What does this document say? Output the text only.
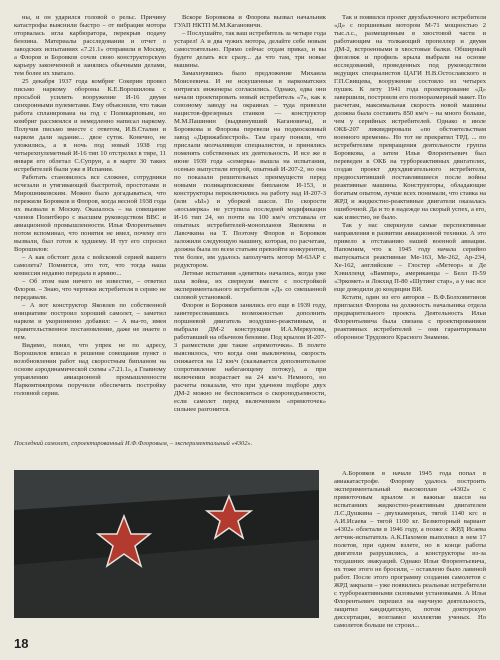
ны, и он ударился головой о рельс. Причину катастрофы выяснили быстро – от вибрации мотора оторвалась игла карбюратора, перекрыв подачу бензина. Материалы расследования и отчет о заводских испытаниях «7.21.1» отправили в Москву, а Флоров и Боровков сочли свою конструкторскую карьеру законченной и занялись обычными делами, тем более их хватало.

25 декабря 1937 года комбриг Сокерин провел письмо наркому обороны К.Е.Ворошилова с просьбой усилить вооружение И-16 двумя синхронными пулеметами. Ему объяснили, что такая работа спланирована на год с Поликарповым, но комбриг рассмеялся и немедленно написал наркому. Получив письмо вместе с ответом, И.В.Сталин и нарком дали задание... двое суток. Конечно, не уложились, а в ночь под новый 1938 год четырехпулеметный И-16 тип 10 отстрелял в тире, 11 января его облетал С.Супрун, а в марте 30 таких истребителей были уже в Испании.

Работать становилось все сложнее, сотрудники исчезали и утягивающей быстротой, простотами и Мирошниковским. Можно было догадываться, что пережили Боровков и Флоров, когда весной 1938 года их вызвали в Москву. Оказалось – на совещание членов Политбюро с высшим руководством ВВС и авиационной промышленности. Илья Флорентьевич потом вспоминал, что понятия не имел, почему его вызвали, был готов к худшему. И тут его спросил Ворошилов:

– А как обстоит дела с войсковой серией вашего самолета? Помнится, это тот, что тогда наша комиссия недавно передала в армию...

– Об этом нам ничего не известно, – ответил Флоров. – Знаю, что чертежи истребителя в серию не передавали.

– А вот конструктор Яковлев по собственной инициативе построил хороший самолет, – заметил нарком и укоризненно добавил: – А вы-то, имея правительственное постановление, даже не знаете о нем.

Видимо, понял, что упрек не по адресу, Ворошилов вписал в решение совещания пункт о возобновлении работ над скоростным бипланом на основе аэродинамической схемы «7.21.1», а Главному управлению авиационной промышленности Наркомтяжпрома поручили обеспечить постройку головной серии.

Вскоре Боровкова и Флорова вызвал начальник ГУАП НКТП М.М.Кагановичи.

– Послушайте, так ваш истребитель за четыре года устарел! А и два чужих мотора, делайте себе новым самостоятельно. Прямо сейчас отдам приказ, и вы будете делать все сразу... да что там, три новые машины.

Замахнувшись было предложение Михаила Моисеевича. И не искушенные в наркоматских интригах инженеры согласились. Однако, едва они начали проектировать новый истребитель «7», как к союзному заводу на окраинах – туда привезли нацистов-фрезерных станков — конструктор М.М.Пашинин (выдвинувший Кагановича), и Боровкова и Флорова перевели на подмосковный завод «Дирижаблестрой». Там сразу поняли, что прислали молчаливцов специалистов, и принялись поменять собственных их деятельность. И все же в июне 1939 года «семерка» вышла на испытания, осенью выпустили второй, опытный И-207-2, но она по показали решительных преимуществ перед новыми поликарповскими бипланом И-153, и конструкторы переключились на работу над И-207-3 (или «Ы») и уборкой шасси. По скорости «восьмерка» не уступила последней модификации И-16 тип 24, но почти на 100 км/ч отставала от опытных истребителей-монопланов Яковлева и Лавочкина на Т. Поэтому Флоров и Боровков заложили следующую машину, которая, по расчетам, должна была по всем статьям превзойти конкурентов, тем более, им удалось заполучить мотор М-63АР с редуктором.

Летные испытания «девятки» начались, когда уже шла война, их свернули вместе с постройкой экспериментального истребителя «Д» со смешанной силовой установкой.

Флоров и Боровков занялись его еще в 1939 году, заинтересовавшись возможностью дополнить поршневой двигатель воздушно-реактивным, и выбрали ДМ-2 конструкции И.А.Меркулова, работавший на обычном бензине. Под крылом И-207-3 разместили две такие «прямоточки». В полете выяснилось, что когда они выключены, скорость снижается на 12 км/ч (сказывается дополнительное сопротивление набегающему потоку), а при включении возрастает на 24 км/ч. Немного, но расчеты показали, что при удачном подборе двух ДМ-2 можно не беспокоиться о скороподъемности, если самолет перед включением «прямоточек» сильнее разгонится.

Так и появился проект двухбалочного истребителя «Д» с поршневым мотором М-71 мощностью 2 тыс.л.с., размещенным в хвостовой части и работающим на толкающий пропеллер и двумя ДМ-2, встроенными в хвостовые балки. Обширный фюзеляж и профиль крыла выбрали на основе исследований, проведенных под руководством ведущих специалистов ЦАГИ Н.В.Остославского и Г.П.Свищева, вооружение состояло из четырех пушек. К лету 1941 года проектирование «Д» завершили, построили его полноразмерный макет. По расчетам, максимальная скорость новой машины должна была составить 850 км/ч – на много больше, чем у серийных истребителей. Однако в июле ОКБ-207 ликвидировали «по обстоятельствам военного времени». Но тот не прекратил ТРД. ... по истребителям превращения деятельности группа Боровкова, а затем Илья Флорентьевич был переведен в ОКБ на турбореактивных двигателях, создав проект двухдвигательного истребителя, предвосхитивший поставлявшиеся после войны реактивные машины. Конструкторы, обладающие богатым опытом, лучше всех понимали, что ставка на ЖРД и жидкостно-реактивные двигатели оказалась ошибочной. Да и то в надежде на скорый успех, а его, как известно, не было.

Так у нас сверкнули самые перспективные направления в развитии авиационной техники. А это привело к отставанию нашей военной авиации. Напомним, что к 1945 году начала серийно выпускаться реактивные Ме-163, Ме-262, Ар-234, Хе-162, английские – Глостер «Метеор» и Де Хэвилленд «Вампир», американцы – Белл П-59 «Эркомет» и Локхид П-80 «Шутинг стар», а у нас все еще доводили до кондиции ВИ.

Кстати, один из его авторов – В.Ф.Болховитинов пригласил Флорова на должность начальника отдела предварительного проекта. Деятельность Ильи Флорентьевича была связана с проектированием реактивных истребителей – они гарантировали оборонное Трудового Красного Знамени.

Последний самолет, спроектированный И.Ф.Флоровым, – экспериментальный «4302».

А.Боровков в начале 1945 года попал в авиакатастрофе. Флорову удалось построить экспериментальный высокоплан «4302» с прямоточным крылом и важные шасси на испытаниях жидкостно-реактивным двигателем Л.С.Душкина – двухкамерных, тягой 1140 кгс и А.И.Исаева – тягой 1100 кг. Безмоторный вариант «4302» облетали в 1946 году, а позже с ЖРД Исаева летчик-испытатель А.К.Пахомов выполнил в нем 17 полетов, при одном взлете, но в конце работы двигатели разрушились, а конструкторы из-за тогдашних эвакуаций. Однако Ильи Флорентьевича, их тоже этого не бросили, – оставлено было лавиной работ. После этого программу создания самолетов с ЖРД закрыли – уже появились реальные истребители с турбореактивными силовыми установками. А Илья Флорентьевич перешел на научную деятельность, защитил кандидатскую, потом докторскую диссертации, возглавил коллектив ученых. Но самолетов больше не строил...

18
